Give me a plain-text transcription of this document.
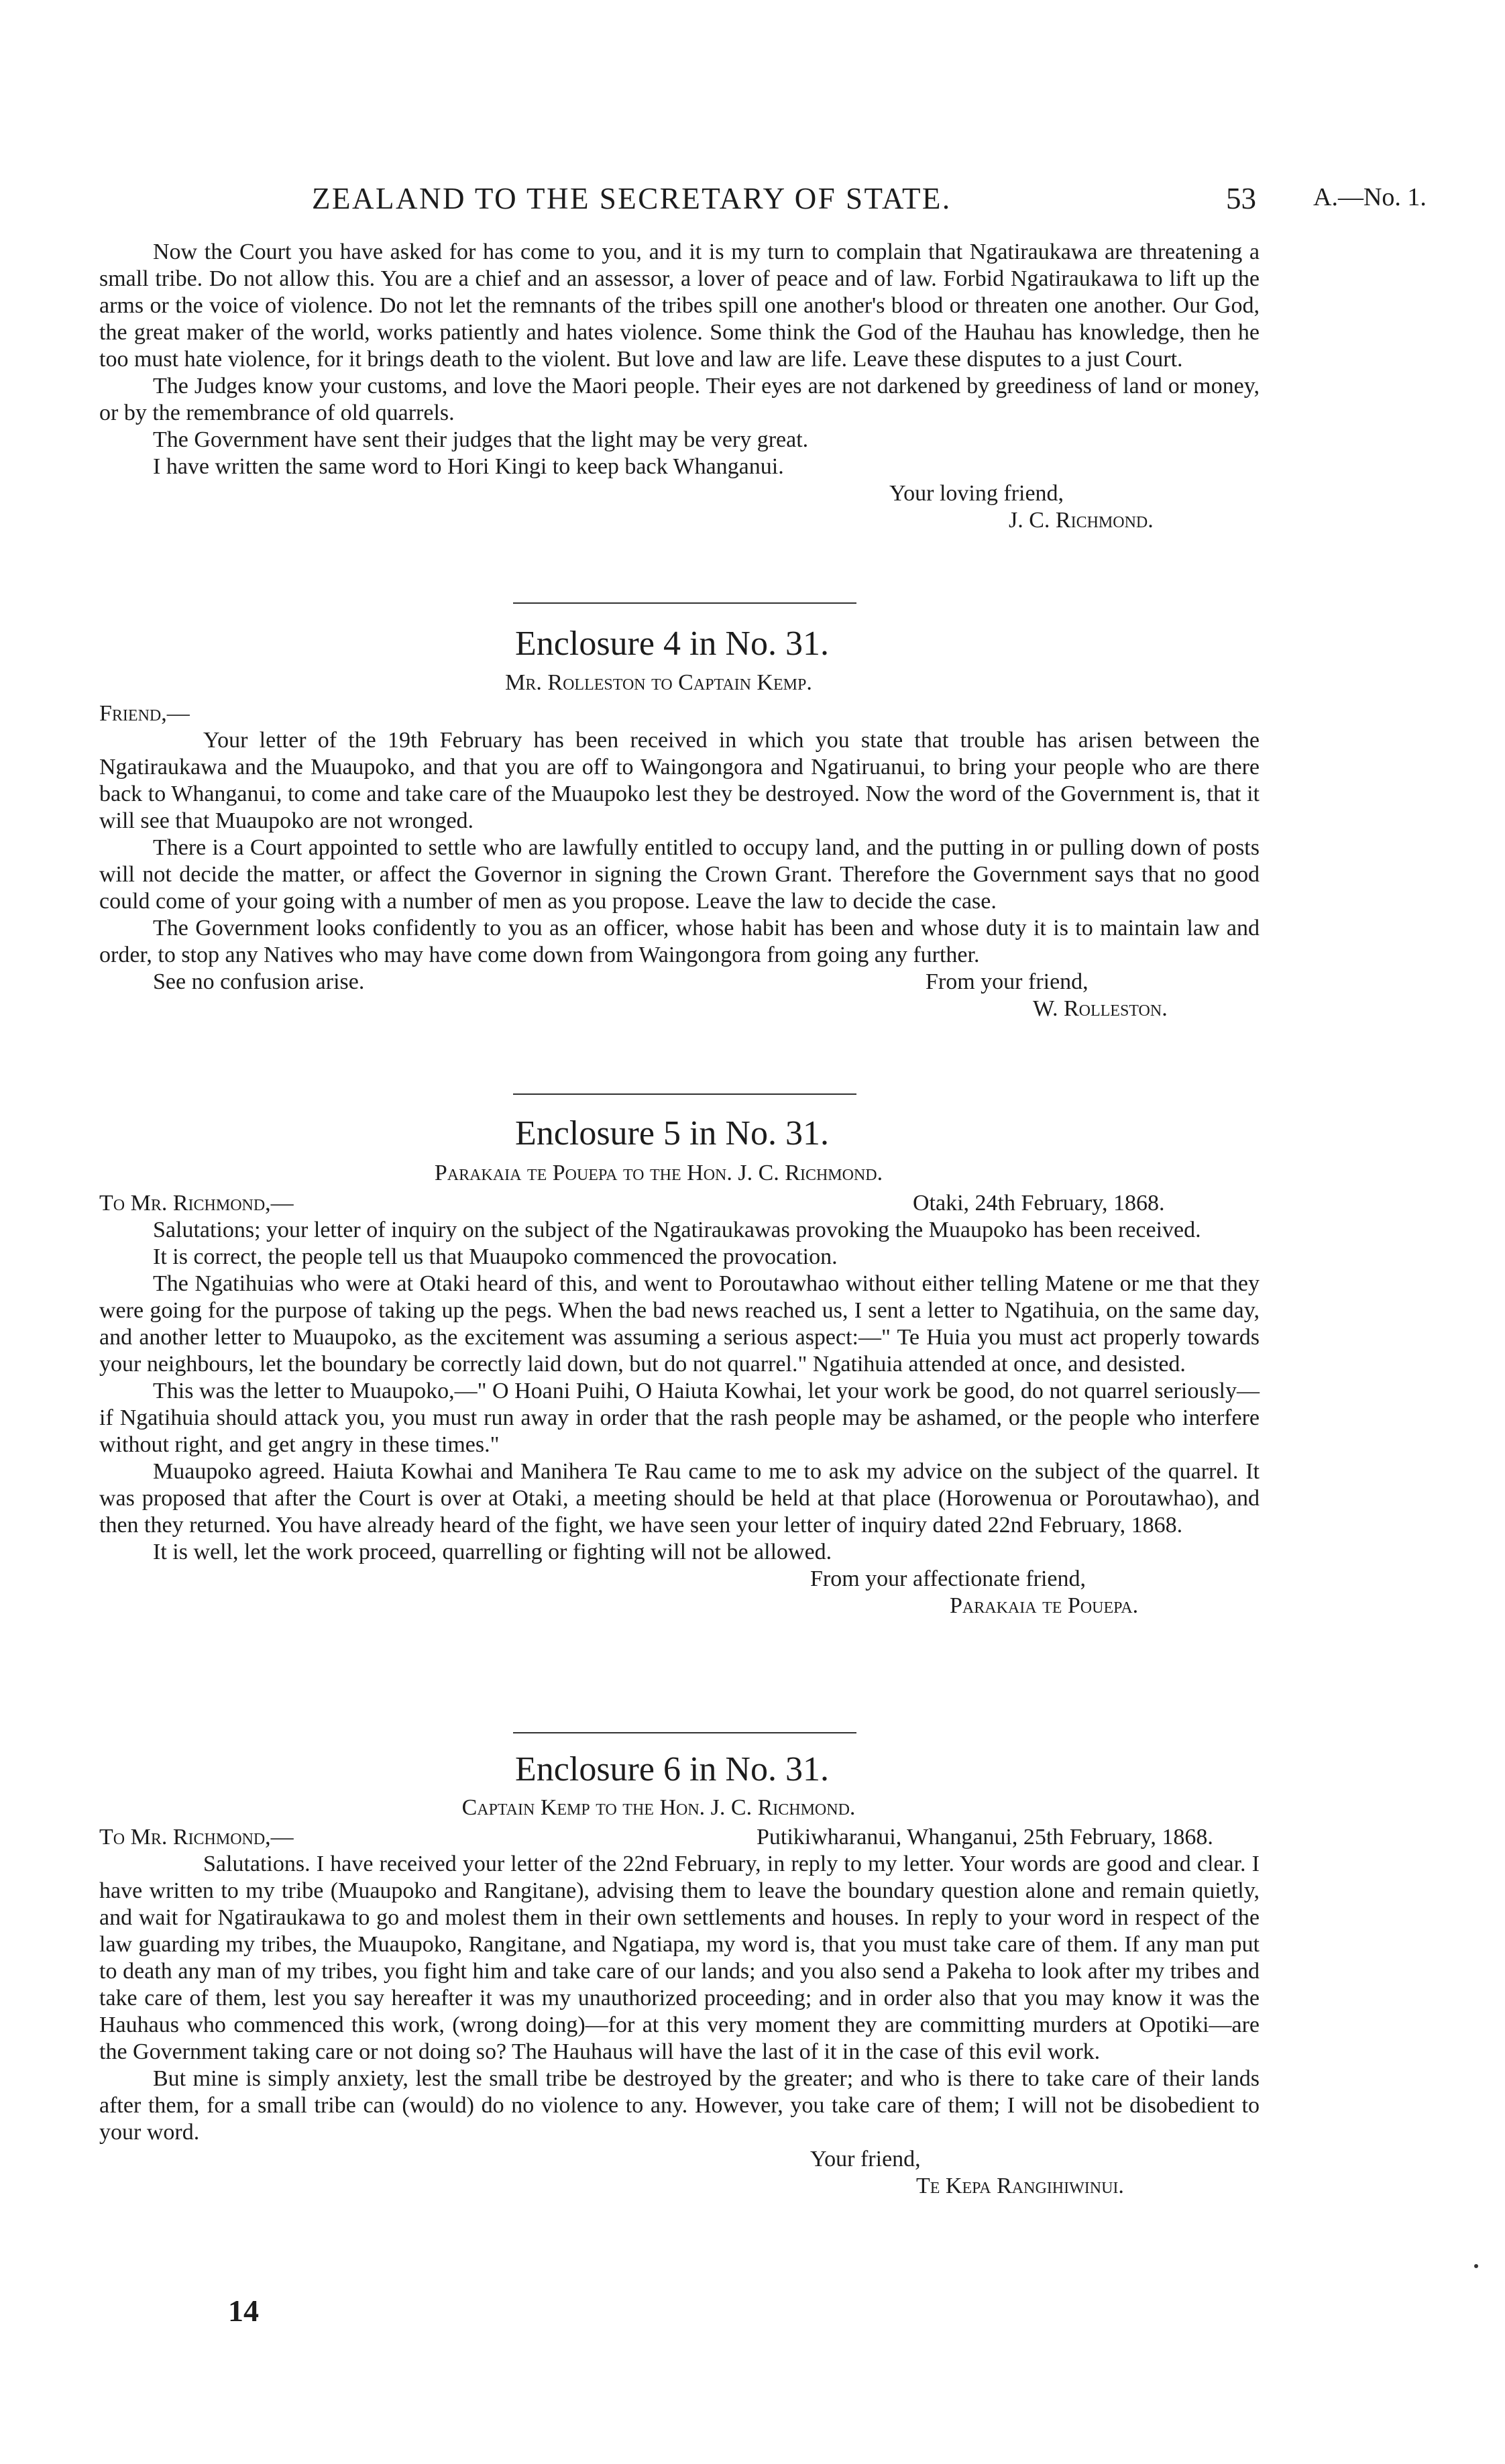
ZEALAND TO THE SECRETARY OF STATE.	53 A.—No. 1.

Now the Court you have asked for has come to you, and it is my turn to complain that Ngatiraukawa are threatening a small tribe. Do not allow this. You are a chief and an assessor, a lover of peace and of law. Forbid Ngatiraukawa to lift up the arms or the voice of violence. Do not let the remnants of the tribes spill one another's blood or threaten one another. Our God, the great maker of the world, works patiently and hates violence. Some think the God of the Hauhau has knowledge, then he too must hate violence, for it brings death to the violent. But love and law are life. Leave these disputes to a just Court.

The Judges know your customs, and love the Maori people. Their eyes are not darkened by greediness of land or money, or by the remembrance of old quarrels.

The Government have sent their judges that the light may be very great.

I have written the same word to Hori Kingi to keep back Whanganui.

Your loving friend,
J. C. Richmond.
Enclosure 4 in No. 31.
Mr. Rolleston to Captain Kemp.

Friend,—

Your letter of the 19th February has been received in which you state that trouble has arisen between the Ngatiraukawa and the Muaupoko, and that you are off to Waingongora and Ngatiruanui, to bring your people who are there back to Whanganui, to come and take care of the Muaupoko lest they be destroyed. Now the word of the Government is, that it will see that Muaupoko are not wronged.

There is a Court appointed to settle who are lawfully entitled to occupy land, and the putting in or pulling down of posts will not decide the matter, or affect the Governor in signing the Crown Grant. Therefore the Government says that no good could come of your going with a number of men as you propose. Leave the law to decide the case.

The Government looks confidently to you as an officer, whose habit has been and whose duty it is to maintain law and order, to stop any Natives who may have come down from Waingongora from going any further.

See no confusion arise.	From your friend,
W. Rolleston.
Enclosure 5 in No. 31.
Parakaia te Pouepa to the Hon. J. C. Richmond.
To Mr. Richmond,—	Otaki, 24th February, 1868.

Salutations; your letter of inquiry on the subject of the Ngatiraukawas provoking the Muaupoko has been received.

It is correct, the people tell us that Muaupoko commenced the provocation.

The Ngatihuias who were at Otaki heard of this, and went to Poroutawhao without either telling Matene or me that they were going for the purpose of taking up the pegs. When the bad news reached us, I sent a letter to Ngatihuia, on the same day, and another letter to Muaupoko, as the excitement was assuming a serious aspect:—" Te Huia you must act properly towards your neighbours, let the boundary be correctly laid down, but do not quarrel." Ngatihuia attended at once, and desisted.

This was the letter to Muaupoko,—" O Hoani Puihi, O Haiuta Kowhai, let your work be good, do not quarrel seriously—if Ngatihuia should attack you, you must run away in order that the rash people may be ashamed, or the people who interfere without right, and get angry in these times."

Muaupoko agreed. Haiuta Kowhai and Manihera Te Rau came to me to ask my advice on the subject of the quarrel. It was proposed that after the Court is over at Otaki, a meeting should be held at that place (Horowenua or Poroutawhao), and then they returned. You have already heard of the fight, we have seen your letter of inquiry dated 22nd February, 1868.

It is well, let the work proceed, quarrelling or fighting will not be allowed.

From your affectionate friend,
Parakaia te Pouepa.
Enclosure 6 in No. 31.
Captain Kemp to the Hon. J. C. Richmond.
To Mr. Richmond,—	Putikiwharanui, Whanganui, 25th February, 1868.

Salutations. I have received your letter of the 22nd February, in reply to my letter. Your words are good and clear. I have written to my tribe (Muaupoko and Rangitane), advising them to leave the boundary question alone and remain quietly, and wait for Ngatiraukawa to go and molest them in their own settlements and houses. In reply to your word in respect of the law guarding my tribes, the Muaupoko, Rangitane, and Ngatiapa, my word is, that you must take care of them. If any man put to death any man of my tribes, you fight him and take care of our lands; and you also send a Pakeha to look after my tribes and take care of them, lest you say hereafter it was my unauthorized proceeding; and in order also that you may know it was the Hauhaus who commenced this work, (wrong doing)—for at this very moment they are committing murders at Opotiki—are the Government taking care or not doing so? The Hauhaus will have the last of it in the case of this evil work.

But mine is simply anxiety, lest the small tribe be destroyed by the greater; and who is there to take care of their lands after them, for a small tribe can (would) do no violence to any. However, you take care of them; I will not be disobedient to your word.

Your friend,
Te Kepa Rangihiwinui.
14
